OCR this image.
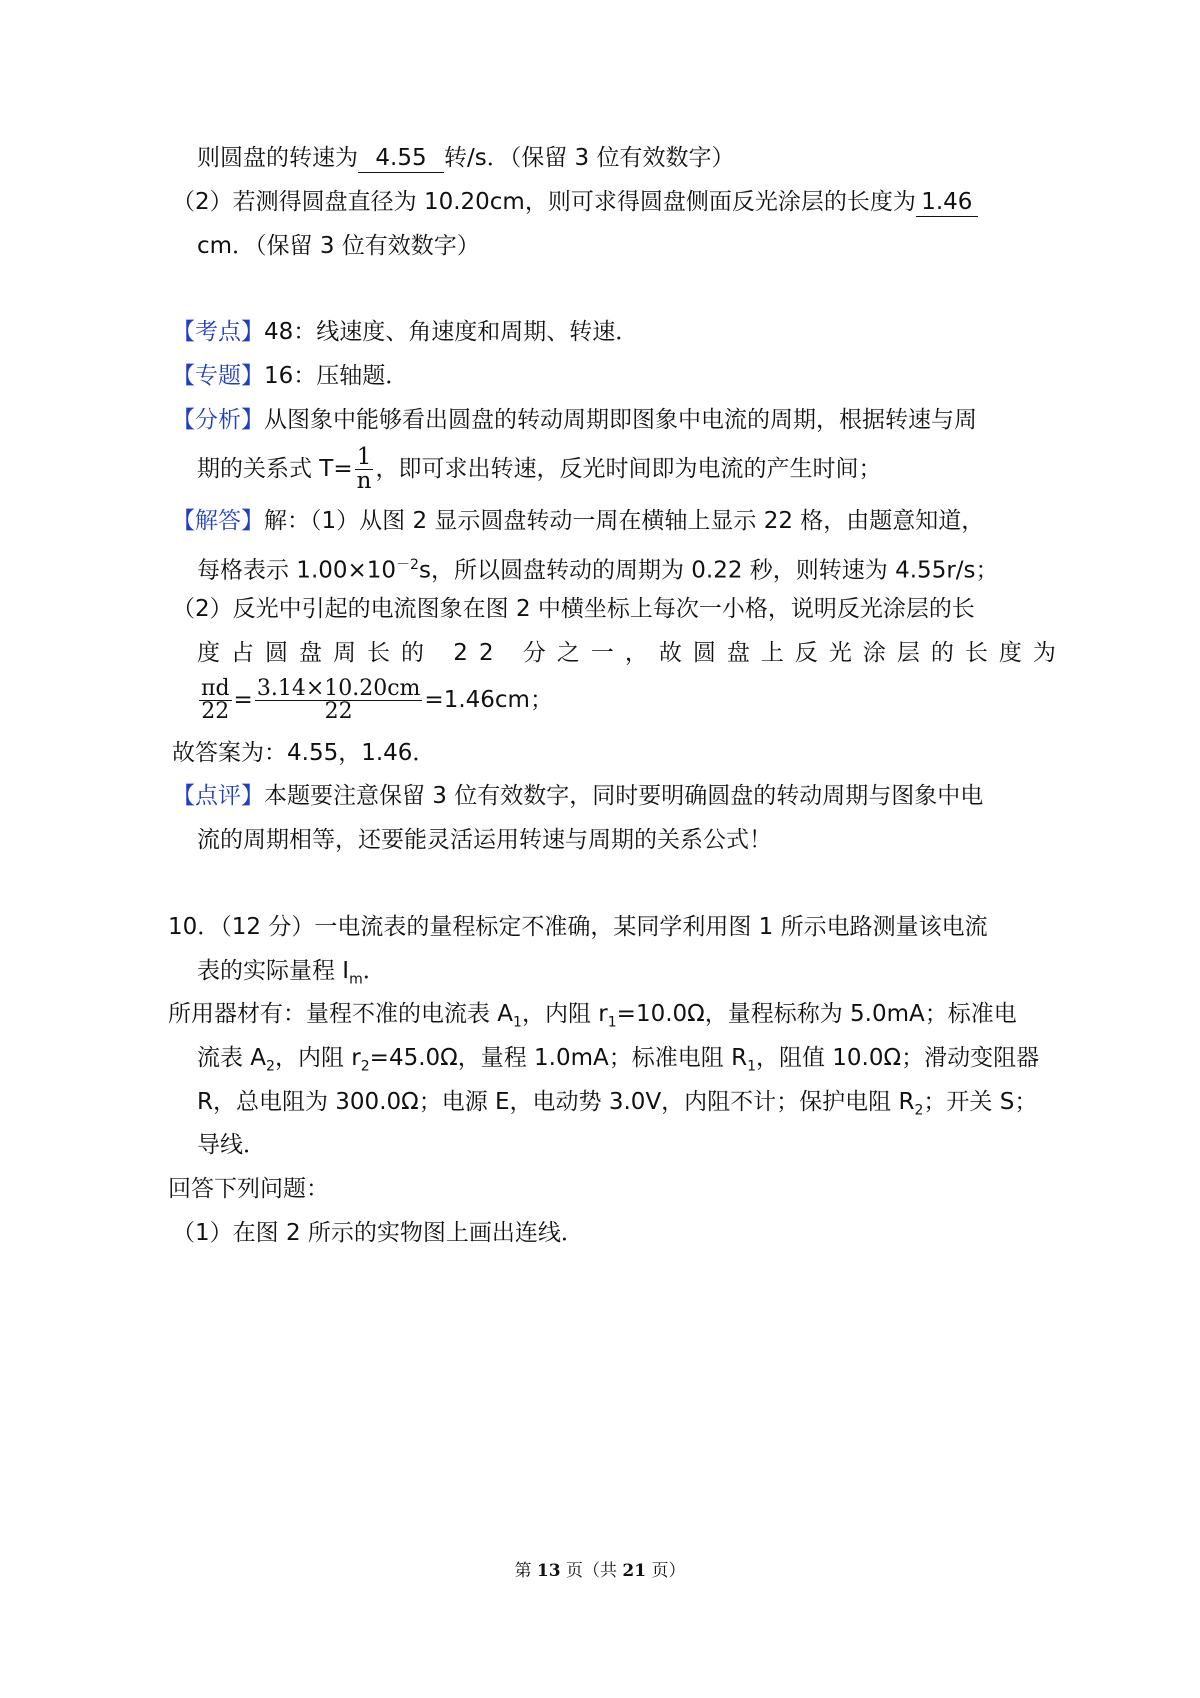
则圆盘的转速为 4.55 转/s．（保留 3 位有效数字）
（2）若测得圆盘直径为 10.20cm，则可求得圆盘侧面反光涂层的长度为 1.46
cm．（保留 3 位有效数字）
【考点】48：线速度、角速度和周期、转速．
【专题】16：压轴题．
【分析】从图象中能够看出圆盘的转动周期即图象中电流的周期，根据转速与周
期的关系式 $T= \frac{1}{n}$ ，即可求出转速，反光时间即为电流的产生时间；
【解答】解：（1）从图 2 显示圆盘转动一周在横轴上显示 22 格，由题意知道，
每格表示 $1.00\times 10^{-2}s$，所以圆盘转动的周期为 0.22 秒，则转速为 4.55r/s；
（2）反光中引起的电流图象在图 2 中横坐标上每次一小格，说明反光涂层的长
度占圆盘周长的 22 分之一，故圆盘上反光涂层的长度为
$\frac{\pi d}{22} = \frac{3.14\times 10.20cm}{22} =1.46cm$；
故答案为：4.55，1.46．
【点评】本题要注意保留 3 位有效数字，同时要明确圆盘的转动周期与图象中电
流的周期相等，还要能灵活运用转速与周期的关系公式！
10．（12 分）一电流表的量程标定不准确，某同学利用图 1 所示电路测量该电流
表的实际量程 $I_m$．
所用器材有：量程不准的电流表 $A_1$，内阻 $r_1=10.0\Omega$，量程标称为 5.0mA；标准电
流表 $A_2$，内阻 $r_2=45.0\Omega$，量程 1.0mA；标准电阻 $R_1$，阻值 10.0Ω；滑动变阻器
R，总电阻为 300.0Ω；电源 E，电动势 3.0V，内阻不计；保护电阻 $R_2$；开关 S；
导线．
回答下列问题：
（1）在图 2 所示的实物图上画出连线．
第 13 页（共 21 页）
